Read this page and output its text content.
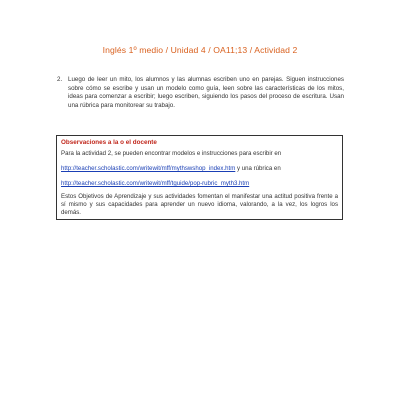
Inglés 1º medio / Unidad 4 / OA11;13 / Actividad 2
2. Luego de leer un mito, los alumnos y las alumnas escriben uno en parejas. Siguen instrucciones sobre cómo se escribe y usan un modelo como guía, leen sobre las características de los mitos, ideas para comenzar a escribir; luego escriben, siguiendo los pasos del proceso de escritura. Usan una rúbrica para monitorear su trabajo.
Observaciones a la o el docente
Para la actividad 2, se pueden encontrar modelos e instrucciones para escribir en
http://teacher.scholastic.com/writewit/mff/mythswshop_index.htm y una rúbrica en
http://teacher.scholastic.com/writewit/mff/tguide/pop-rubric_myth3.htm
Estos Objetivos de Aprendizaje y sus actividades fomentan el manifestar una actitud positiva frente a sí mismo y sus capacidades para aprender un nuevo idioma, valorando, a la vez, los logros los demás.
